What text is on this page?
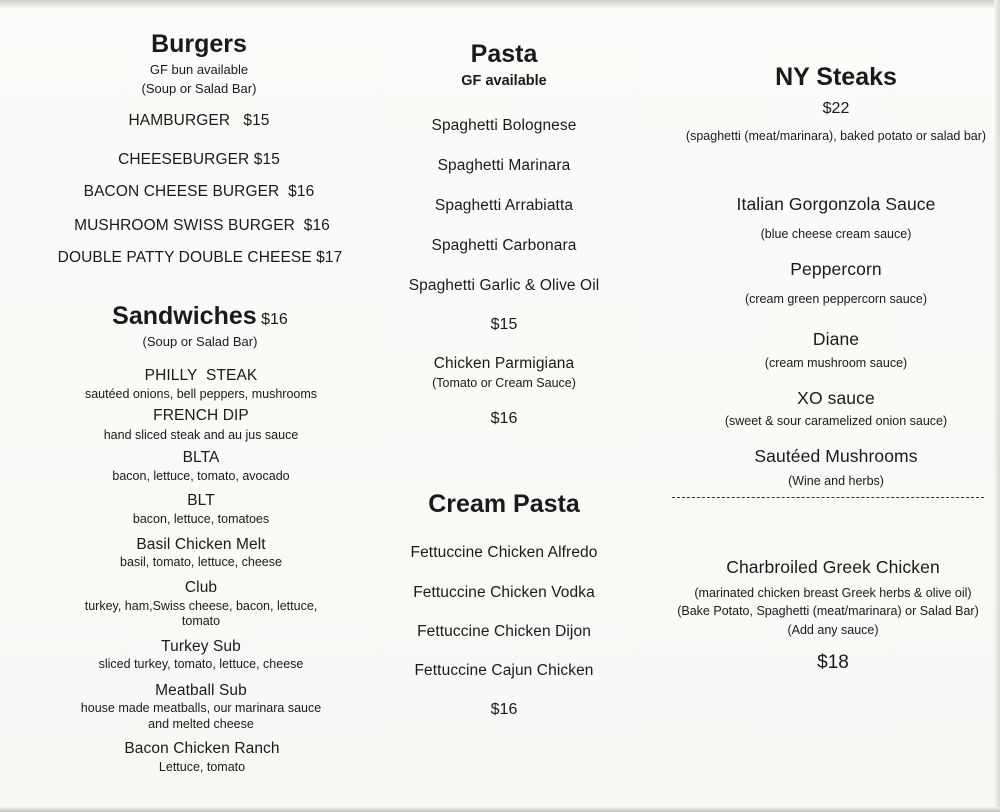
Burgers
GF bun available
(Soup or Salad Bar)
HAMBURGER   $15
CHEESEBURGER $15
BACON CHEESE BURGER  $16
MUSHROOM SWISS BURGER  $16
DOUBLE PATTY DOUBLE CHEESE $17
Sandwiches $16
(Soup or Salad Bar)
PHILLY  STEAK
sautéed onions, bell peppers, mushrooms
FRENCH DIP
hand sliced steak and au jus sauce
BLTA
bacon, lettuce, tomato, avocado
BLT
bacon, lettuce, tomatoes
Basil Chicken Melt
basil, tomato, lettuce, cheese
Club
turkey, ham,Swiss cheese, bacon, lettuce,
tomato
Turkey Sub
sliced turkey, tomato, lettuce, cheese
Meatball Sub
house made meatballs, our marinara sauce
and melted cheese
Bacon Chicken Ranch
Lettuce, tomato
Pasta
GF available
Spaghetti Bolognese
Spaghetti Marinara
Spaghetti Arrabiatta
Spaghetti Carbonara
Spaghetti Garlic & Olive Oil
$15
Chicken Parmigiana
(Tomato or Cream Sauce)
$16
Cream Pasta
Fettuccine Chicken Alfredo
Fettuccine Chicken Vodka
Fettuccine Chicken Dijon
Fettuccine Cajun Chicken
$16
NY Steaks
$22
(spaghetti (meat/marinara), baked potato or salad bar)
Italian Gorgonzola Sauce
(blue cheese cream sauce)
Peppercorn
(cream green peppercorn sauce)
Diane
(cream mushroom sauce)
XO sauce
(sweet & sour caramelized onion sauce)
Sautéed Mushrooms
(Wine and herbs)
Charbroiled Greek Chicken
(marinated chicken breast Greek herbs & olive oil)
(Bake Potato, Spaghetti (meat/marinara) or Salad Bar)
(Add any sauce)
$18
